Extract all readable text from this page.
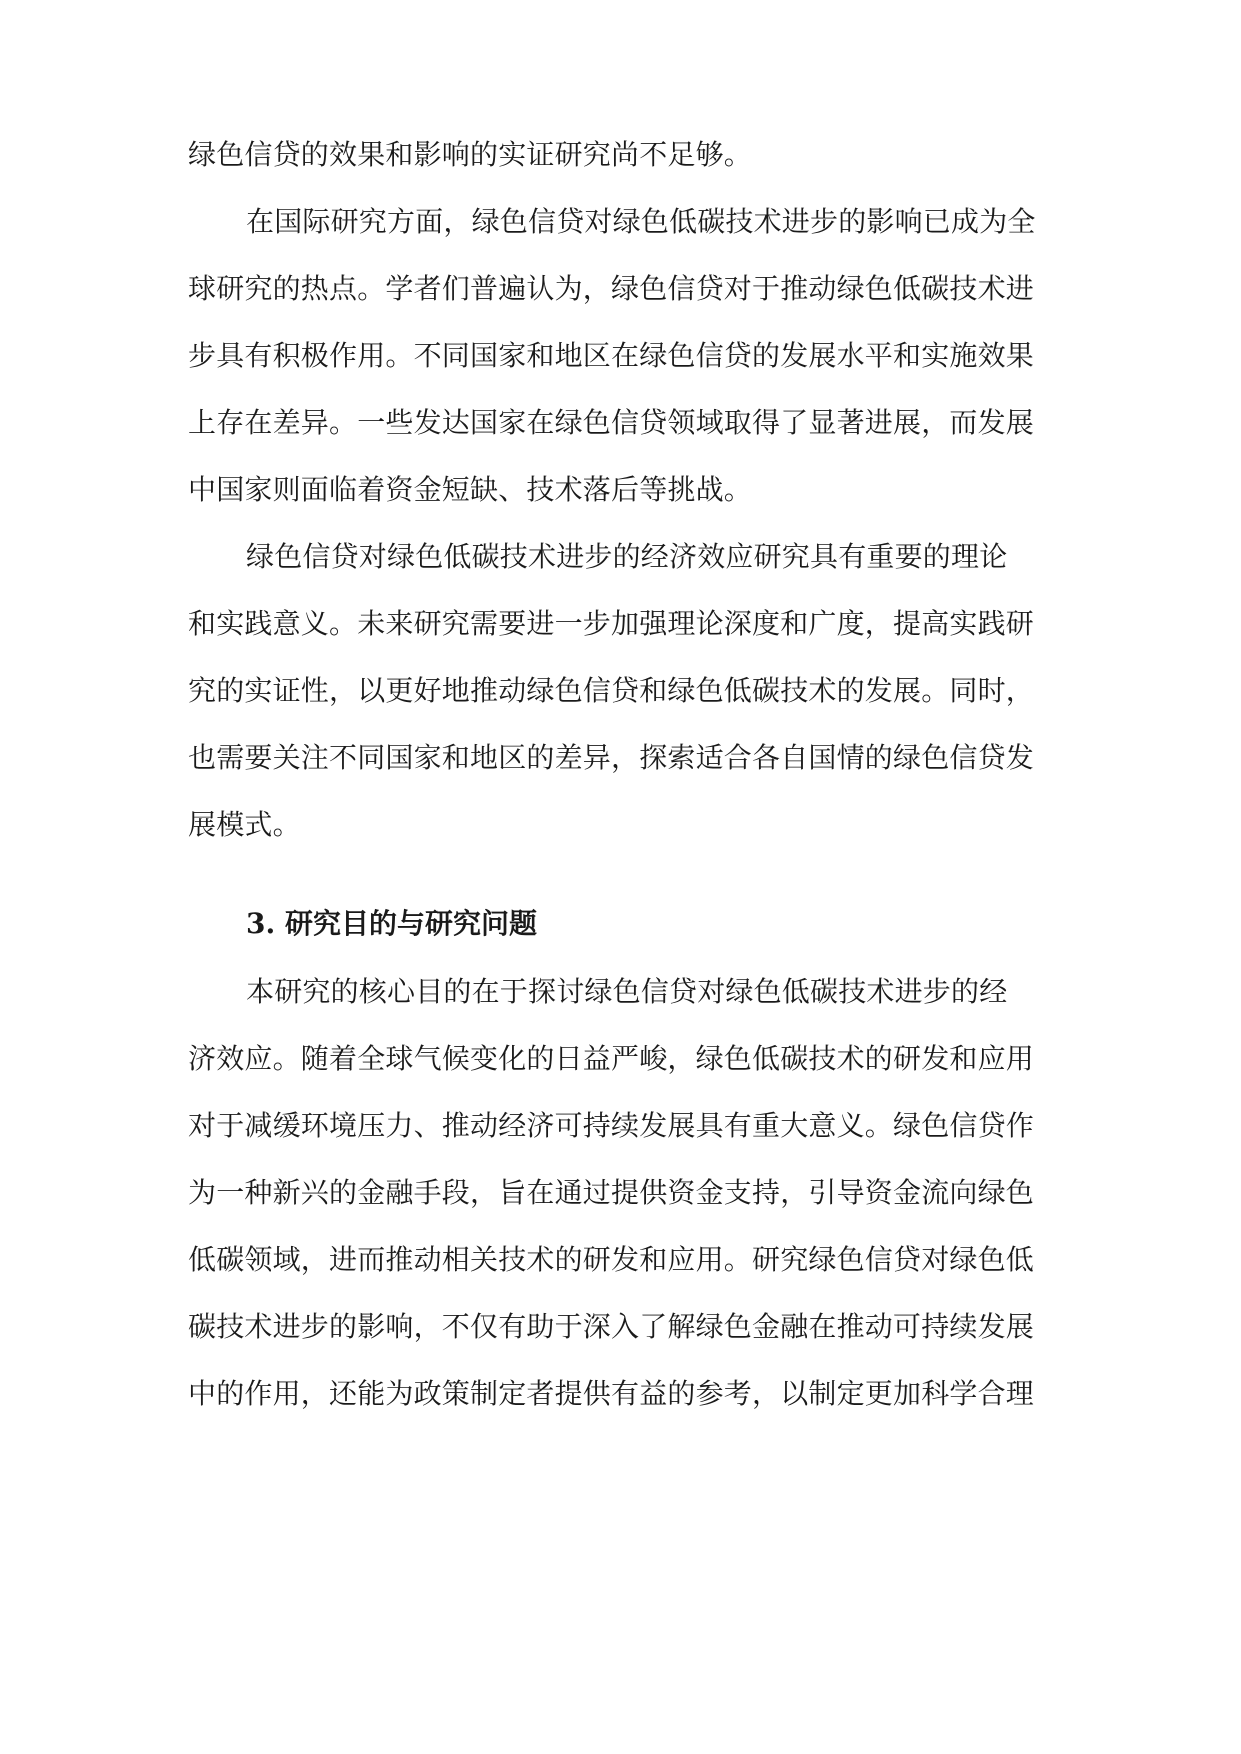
绿色信贷的效果和影响的实证研究尚不足够。
在国际研究方面，绿色信贷对绿色低碳技术进步的影响已成为全
球研究的热点。学者们普遍认为，绿色信贷对于推动绿色低碳技术进
步具有积极作用。不同国家和地区在绿色信贷的发展水平和实施效果
上存在差异。一些发达国家在绿色信贷领域取得了显著进展，而发展
中国家则面临着资金短缺、技术落后等挑战。
绿色信贷对绿色低碳技术进步的经济效应研究具有重要的理论
和实践意义。未来研究需要进一步加强理论深度和广度，提高实践研
究的实证性，以更好地推动绿色信贷和绿色低碳技术的发展。同时，
也需要关注不同国家和地区的差异，探索适合各自国情的绿色信贷发
展模式。
3. 研究目的与研究问题
本研究的核心目的在于探讨绿色信贷对绿色低碳技术进步的经
济效应。随着全球气候变化的日益严峻，绿色低碳技术的研发和应用
对于减缓环境压力、推动经济可持续发展具有重大意义。绿色信贷作
为一种新兴的金融手段，旨在通过提供资金支持，引导资金流向绿色
低碳领域，进而推动相关技术的研发和应用。研究绿色信贷对绿色低
碳技术进步的影响，不仅有助于深入了解绿色金融在推动可持续发展
中的作用，还能为政策制定者提供有益的参考，以制定更加科学合理
